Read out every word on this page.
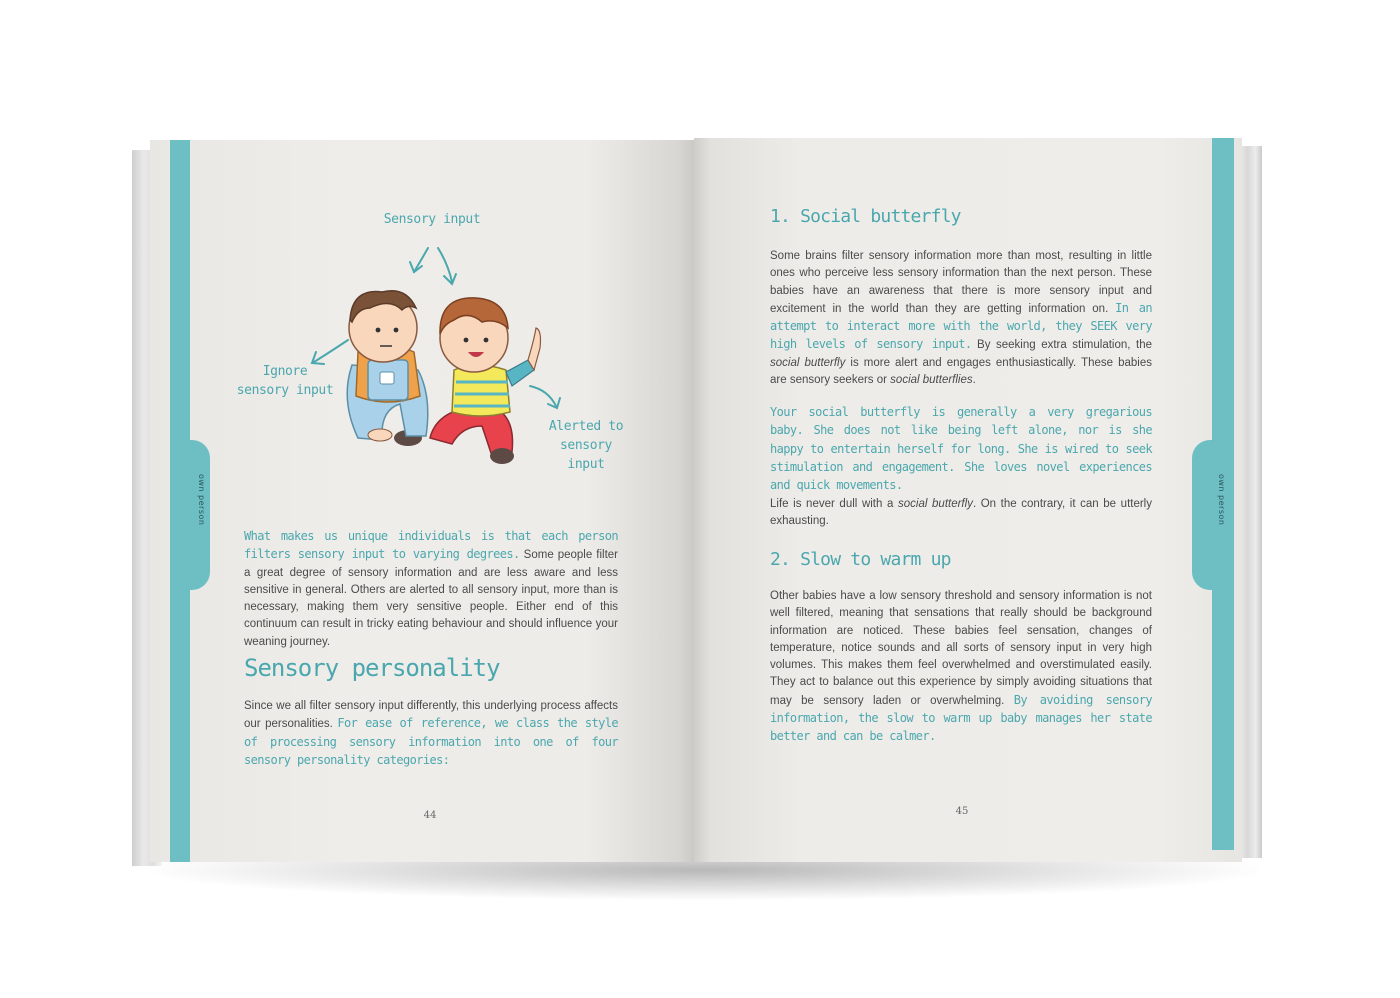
own person
Sensory input
Ignore
sensory input
Alerted to
sensory
input
What makes us unique individuals is that each person filters sensory input to varying degrees. Some people filter a great degree of sensory information and are less aware and less sensitive in general. Others are alerted to all sensory input, more than is necessary, making them very sensitive people. Either end of this continuum can result in tricky eating behaviour and should influence your weaning journey.
Sensory personality
Since we all filter sensory input differently, this underlying process affects our personalities. For ease of reference, we class the style of processing sensory information into one of four sensory personality categories:
44
own person
1. Social butterfly
Some brains filter sensory information more than most, resulting in little ones who perceive less sensory information than the next person. These babies have an awareness that there is more sensory input and excitement in the world than they are getting information on. In an attempt to interact more with the world, they SEEK very high levels of sensory input. By seeking extra stimulation, the social butterfly is more alert and engages enthusiastically. These babies are sensory seekers or social butterflies.
Your social butterfly is generally a very gregarious baby. She does not like being left alone, nor is she happy to entertain herself for long. She is wired to seek stimulation and engagement. She loves novel experiences and quick movements.
Life is never dull with a social butterfly. On the contrary, it can be utterly exhausting.
2. Slow to warm up
Other babies have a low sensory threshold and sensory information is not well filtered, meaning that sensations that really should be background information are noticed. These babies feel sensation, changes of temperature, notice sounds and all sorts of sensory input in very high volumes. This makes them feel overwhelmed and overstimulated easily. They act to balance out this experience by simply avoiding situations that may be sensory laden or overwhelming. By avoiding sensory information, the slow to warm up baby manages her state better and can be calmer.
45
